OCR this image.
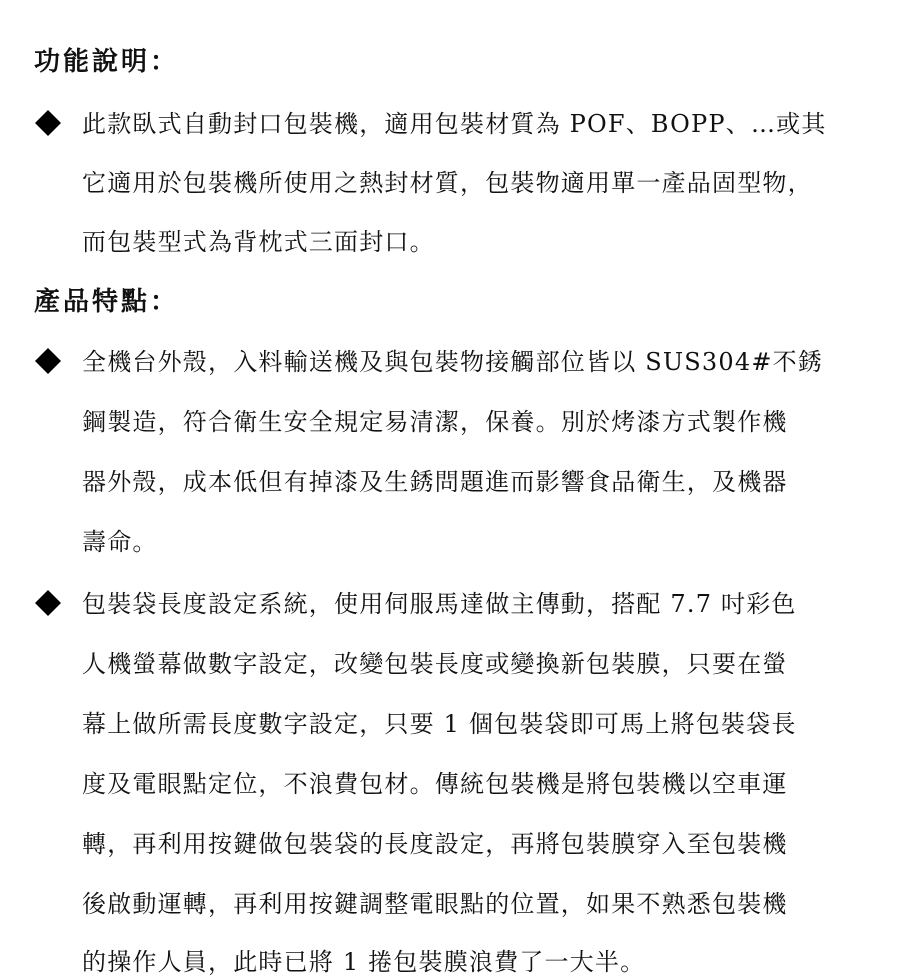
功能說明：
此款臥式自動封口包裝機，適用包裝材質為 POF、BOPP、…或其
它適用於包裝機所使用之熱封材質，包裝物適用單一產品固型物，
而包裝型式為背枕式三面封口。
產品特點：
全機台外殼，入料輸送機及與包裝物接觸部位皆以 SUS304#不銹
鋼製造，符合衛生安全規定易清潔，保養。別於烤漆方式製作機
器外殼，成本低但有掉漆及生銹問題進而影響食品衛生，及機器
壽命。
包裝袋長度設定系統，使用伺服馬達做主傳動，搭配 7.7 吋彩色
人機螢幕做數字設定，改變包裝長度或變換新包裝膜，只要在螢
幕上做所需長度數字設定，只要 1 個包裝袋即可馬上將包裝袋長
度及電眼點定位，不浪費包材。傳統包裝機是將包裝機以空車運
轉，再利用按鍵做包裝袋的長度設定，再將包裝膜穿入至包裝機
後啟動運轉，再利用按鍵調整電眼點的位置，如果不熟悉包裝機
的操作人員，此時已將 1 捲包裝膜浪費了一大半。
